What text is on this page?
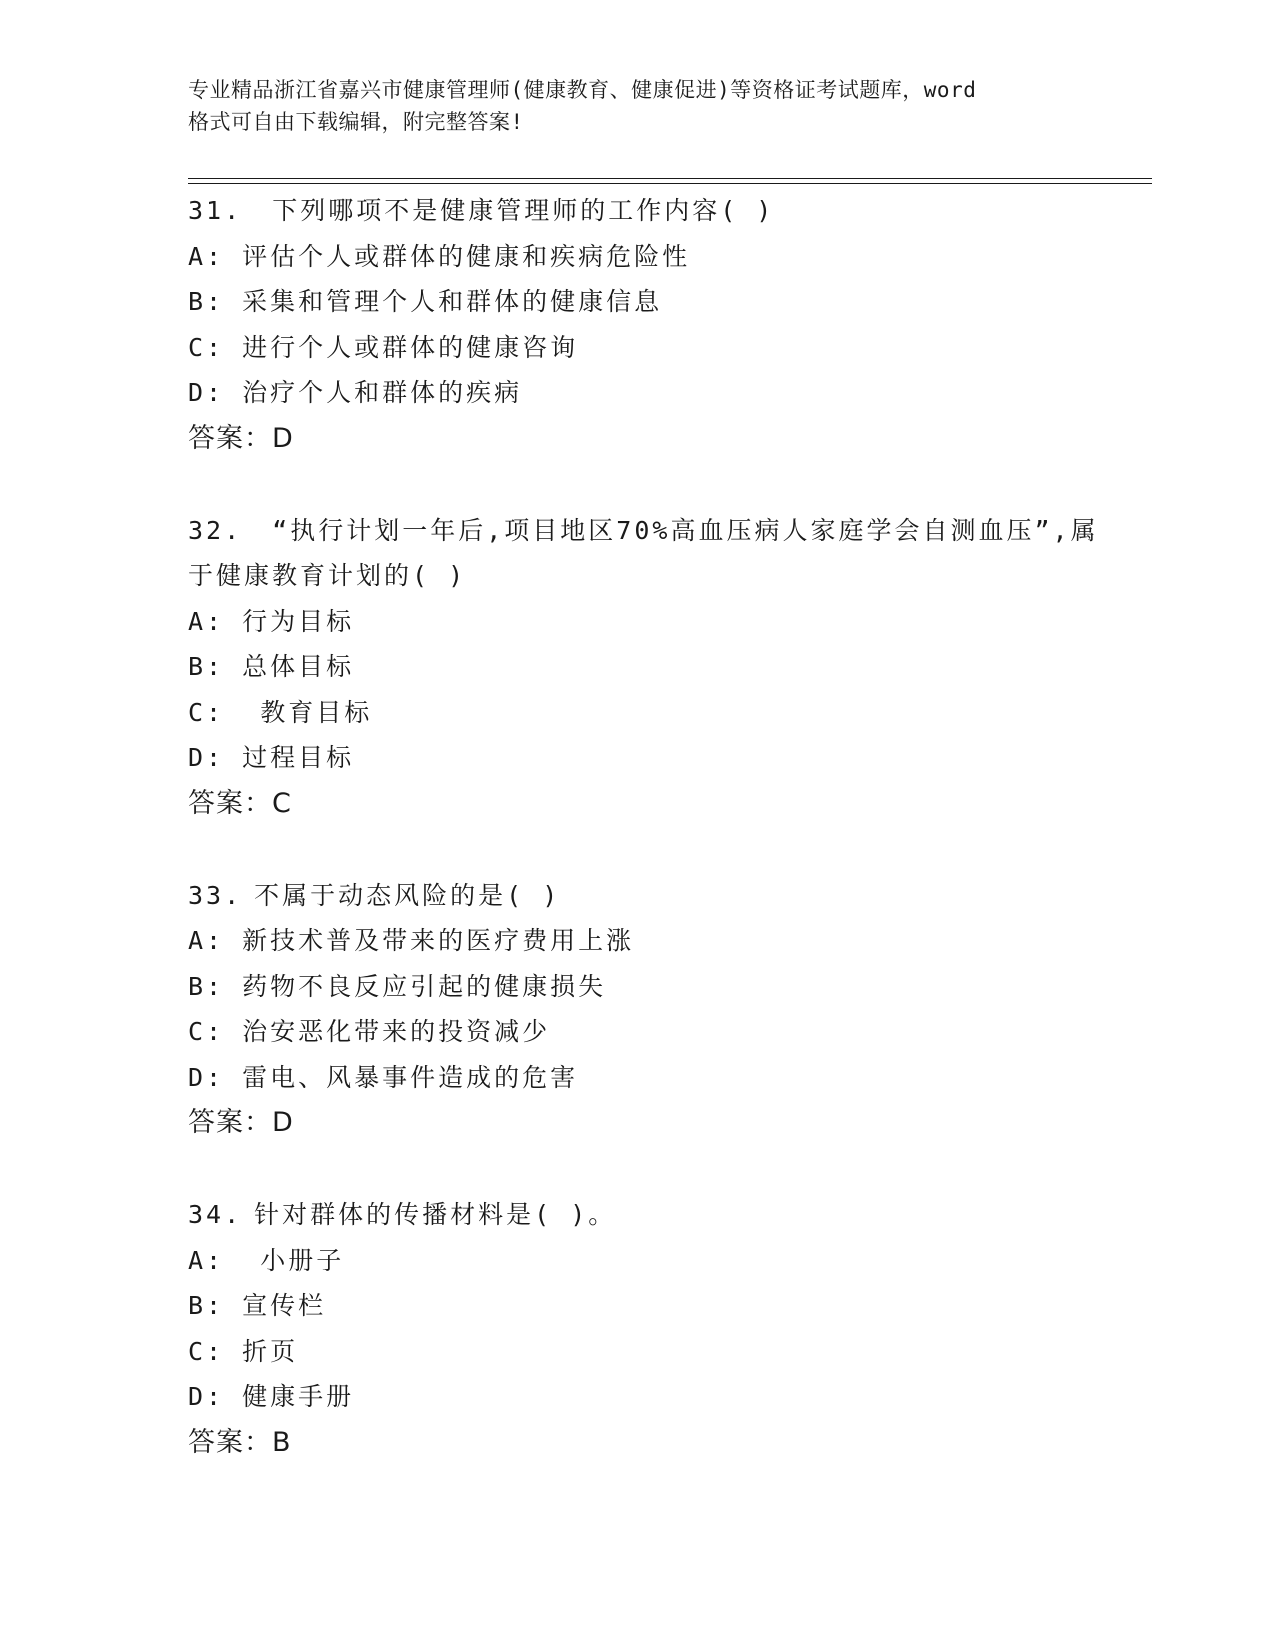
专业精品浙江省嘉兴市健康管理师(健康教育、健康促进)等资格证考试题库，word
格式可自由下载编辑，附完整答案!
31. 下列哪项不是健康管理师的工作内容( )
A: 评估个人或群体的健康和疾病危险性
B: 采集和管理个人和群体的健康信息
C: 进行个人或群体的健康咨询
D: 治疗个人和群体的疾病
答案：D
32. “执行计划一年后,项目地区70%高血压病人家庭学会自测血压”,属于健康教育计划的( )
A: 行为目标
B: 总体目标
C:  教育目标
D: 过程目标
答案：C
33. 不属于动态风险的是( )
A: 新技术普及带来的医疗费用上涨
B: 药物不良反应引起的健康损失
C: 治安恶化带来的投资减少
D: 雷电、风暴事件造成的危害
答案：D
34. 针对群体的传播材料是( )。
A:  小册子
B: 宣传栏
C: 折页
D: 健康手册
答案：B
